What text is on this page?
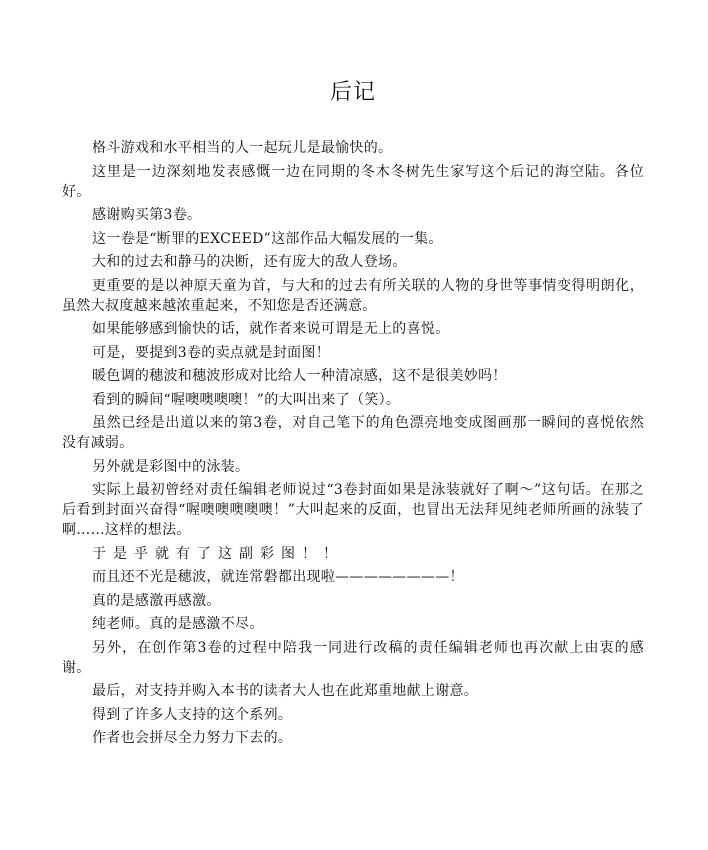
后记

格斗游戏和水平相当的人一起玩儿是最愉快的。

这里是一边深刻地发表感慨一边在同期的冬木冬树先生家写这个后记的海空陆。各位好。

感谢购买第3卷。

这一卷是“断罪的EXCEED”这部作品大幅发展的一集。

大和的过去和静马的决断，还有庞大的敌人登场。

更重要的是以神原天童为首，与大和的过去有所关联的人物的身世等事情变得明朗化，虽然大叔度越来越浓重起来，不知您是否还满意。

如果能够感到愉快的话，就作者来说可谓是无上的喜悦。

可是，要提到3卷的卖点就是封面图！

暖色调的穗波和穗波形成对比给人一种清凉感，这不是很美妙吗！

看到的瞬间“喔噢噢噢噢！”的大叫出来了（笑）。

虽然已经是出道以来的第3卷，对自己笔下的角色漂亮地变成图画那一瞬间的喜悦依然没有减弱。

另外就是彩图中的泳装。

实际上最初曾经对责任编辑老师说过“3卷封面如果是泳装就好了啊～”这句话。在那之后看到封面兴奋得“喔噢噢噢噢噢！”大叫起来的反面，也冒出无法拜见纯老师所画的泳装了啊……这样的想法。

于是乎就有了这副彩图！！

而且还不光是穗波，就连常磐都出现啦————————！

真的是感激再感激。

纯老师。真的是感激不尽。

另外，在创作第3卷的过程中陪我一同进行改稿的责任编辑老师也再次献上由衷的感谢。

最后，对支持并购入本书的读者大人也在此郑重地献上谢意。

得到了许多人支持的这个系列。

作者也会拼尽全力努力下去的。
